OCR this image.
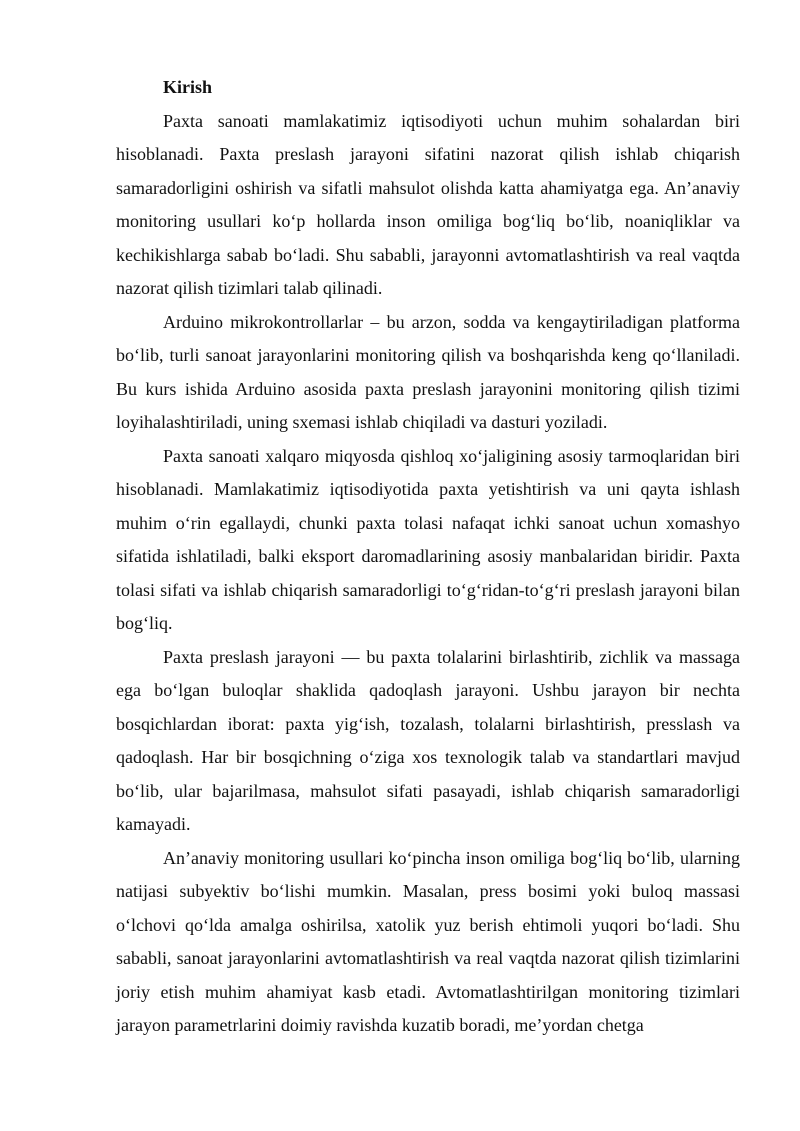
Kirish

Paxta sanoati mamlakatimiz iqtisodiyoti uchun muhim sohalardan biri hisoblanadi. Paxta preslash jarayoni sifatini nazorat qilish ishlab chiqarish samaradorligini oshirish va sifatli mahsulot olishda katta ahamiyatga ega. An’anaviy monitoring usullari ko‘p hollarda inson omiliga bog‘liq bo‘lib, noaniqliklar va kechikishlarga sabab bo‘ladi. Shu sababli, jarayonni avtomatlashtirish va real vaqtda nazorat qilish tizimlari talab qilinadi.

Arduino mikrokontrollarlar – bu arzon, sodda va kengaytiriladigan platforma bo‘lib, turli sanoat jarayonlarini monitoring qilish va boshqarishda keng qo‘llaniladi. Bu kurs ishida Arduino asosida paxta preslash jarayonini monitoring qilish tizimi loyihalashtiriladi, uning sxemasi ishlab chiqiladi va dasturi yoziladi.

Paxta sanoati xalqaro miqyosda qishloq xo‘jaligining asosiy tarmoqlaridan biri hisoblanadi. Mamlakatimiz iqtisodiyotida paxta yetishtirish va uni qayta ishlash muhim o‘rin egallaydi, chunki paxta tolasi nafaqat ichki sanoat uchun xomashyo sifatida ishlatiladi, balki eksport daromadlarining asosiy manbalaridan biridir. Paxta tolasi sifati va ishlab chiqarish samaradorligi to‘g‘ridan-to‘g‘ri preslash jarayoni bilan bog‘liq.

Paxta preslash jarayoni — bu paxta tolalarini birlashtirib, zichlik va massaga ega bo‘lgan buloqlar shaklida qadoqlash jarayoni. Ushbu jarayon bir nechta bosqichlardan iborat: paxta yig‘ish, tozalash, tolalarni birlashtirish, presslash va qadoqlash. Har bir bosqichning o‘ziga xos texnologik talab va standartlari mavjud bo‘lib, ular bajarilmasa, mahsulot sifati pasayadi, ishlab chiqarish samaradorligi kamayadi.

An’anaviy monitoring usullari ko‘pincha inson omiliga bog‘liq bo‘lib, ularning natijasi subyektiv bo‘lishi mumkin. Masalan, press bosimi yoki buloq massasi o‘lchovi qo‘lda amalga oshirilsa, xatolik yuz berish ehtimoli yuqori bo‘ladi. Shu sababli, sanoat jarayonlarini avtomatlashtirish va real vaqtda nazorat qilish tizimlarini joriy etish muhim ahamiyat kasb etadi. Avtomatlashtirilgan monitoring tizimlari jarayon parametrlarini doimiy ravishda kuzatib boradi, me’yordan chetga
